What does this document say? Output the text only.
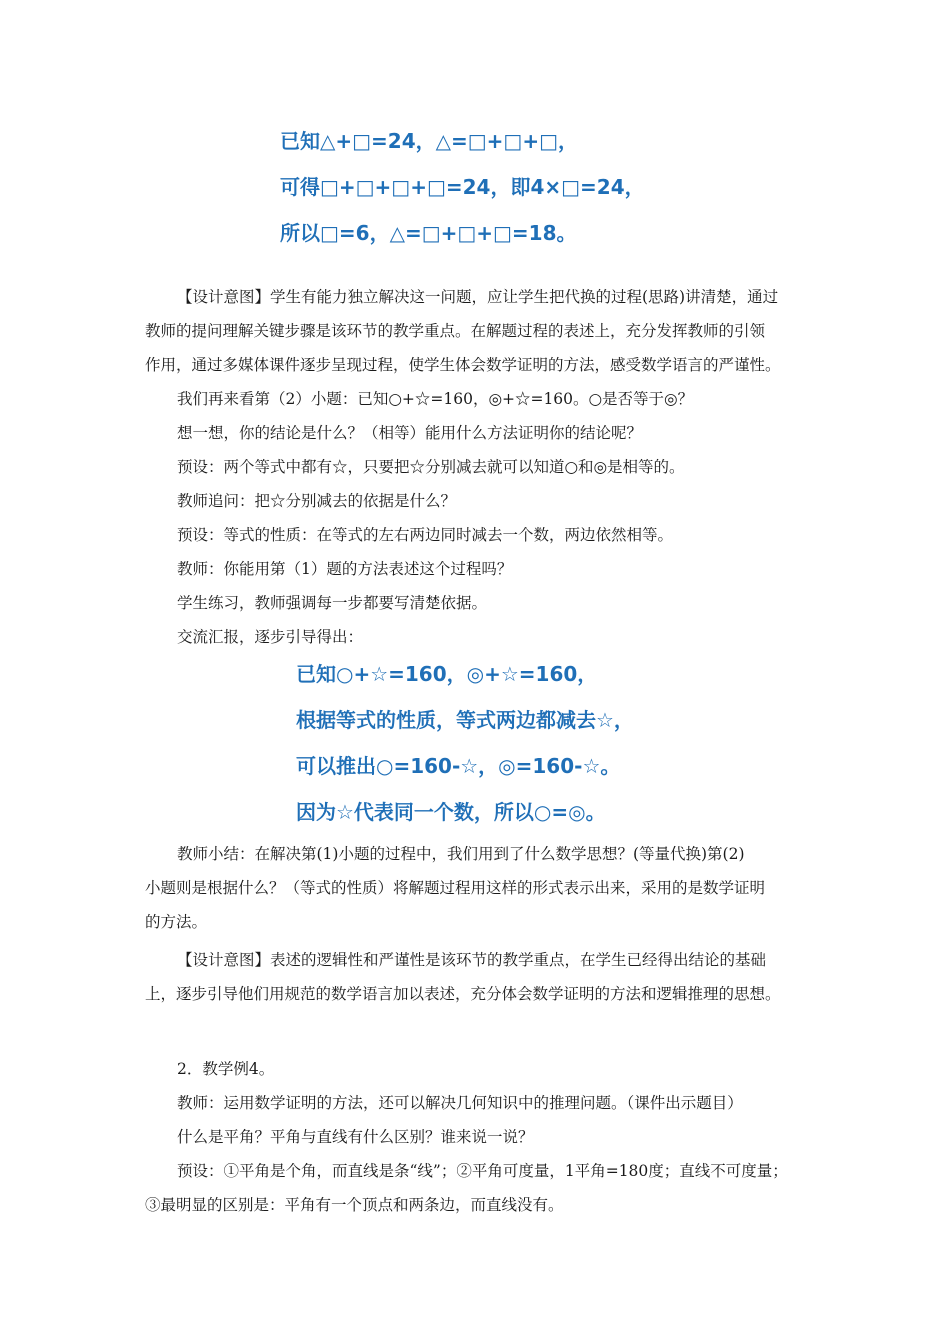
已知△+□=24，△=□+□+□，
可得□+□+□+□=24，即4×□=24，
所以□=6，△=□+□+□=18。
【设计意图】学生有能力独立解决这一问题，应让学生把代换的过程(思路)讲清楚，通过
教师的提问理解关键步骤是该环节的教学重点。在解题过程的表述上，充分发挥教师的引领
作用，通过多媒体课件逐步呈现过程，使学生体会数学证明的方法，感受数学语言的严谨性。
我们再来看第（2）小题：已知○+☆=160，◎+☆=160。○是否等于◎？
想一想，你的结论是什么？（相等）能用什么方法证明你的结论呢？
预设：两个等式中都有☆，只要把☆分别减去就可以知道○和◎是相等的。
教师追问：把☆分别减去的依据是什么？
预设：等式的性质：在等式的左右两边同时减去一个数，两边依然相等。
教师：你能用第（1）题的方法表述这个过程吗？
学生练习，教师强调每一步都要写清楚依据。
交流汇报，逐步引导得出：
已知○+☆=160，◎+☆=160，
根据等式的性质，等式两边都减去☆，
可以推出○=160-☆，◎=160-☆。
因为☆代表同一个数，所以○=◎。
教师小结：在解决第(1)小题的过程中，我们用到了什么数学思想？(等量代换)第(2)
小题则是根据什么？（等式的性质）将解题过程用这样的形式表示出来，采用的是数学证明
的方法。
【设计意图】表述的逻辑性和严谨性是该环节的教学重点，在学生已经得出结论的基础
上，逐步引导他们用规范的数学语言加以表述，充分体会数学证明的方法和逻辑推理的思想。
2．教学例4。
教师：运用数学证明的方法，还可以解决几何知识中的推理问题。（课件出示题目）
什么是平角？平角与直线有什么区别？谁来说一说？
预设：①平角是个角，而直线是条“线”；②平角可度量，1平角=180度；直线不可度量；
③最明显的区别是：平角有一个顶点和两条边，而直线没有。
